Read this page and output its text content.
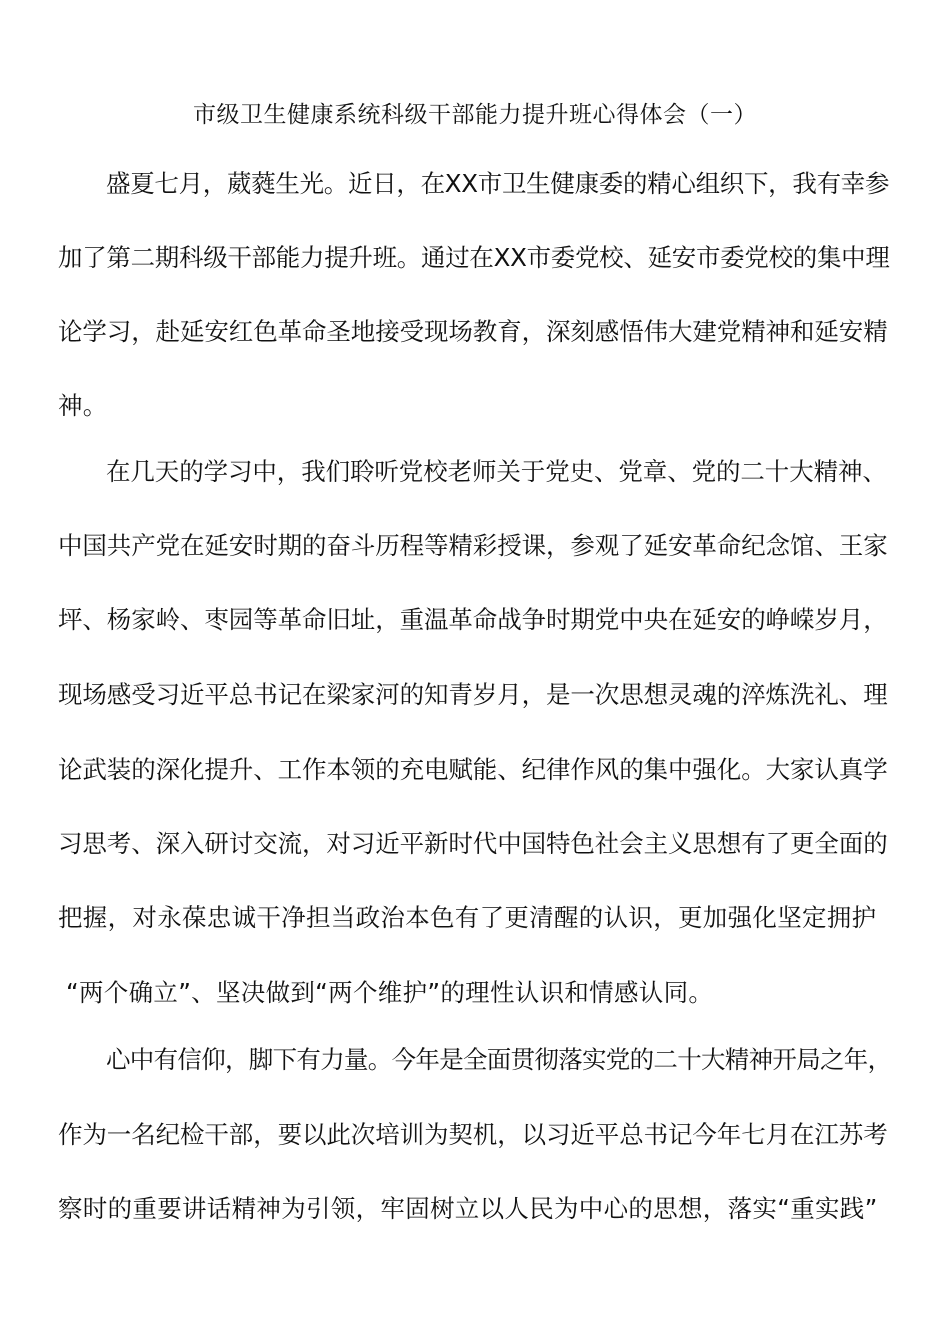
市级卫生健康系统科级干部能力提升班心得体会（一）

盛夏七月，葳蕤生光。近日，在XX市卫生健康委的精心组织下，我有幸参

加了第二期科级干部能力提升班。通过在XX市委党校、延安市委党校的集中理

论学习，赴延安红色革命圣地接受现场教育，深刻感悟伟大建党精神和延安精

神。

在几天的学习中，我们聆听党校老师关于党史、党章、党的二十大精神、

中国共产党在延安时期的奋斗历程等精彩授课，参观了延安革命纪念馆、王家

坪、杨家岭、枣园等革命旧址，重温革命战争时期党中央在延安的峥嵘岁月，

现场感受习近平总书记在梁家河的知青岁月，是一次思想灵魂的淬炼洗礼、理

论武装的深化提升、工作本领的充电赋能、纪律作风的集中强化。大家认真学

习思考、深入研讨交流，对习近平新时代中国特色社会主义思想有了更全面的

把握，对永葆忠诚干净担当政治本色有了更清醒的认识，更加强化坚定拥护

“两个确立”、坚决做到“两个维护”的理性认识和情感认同。

心中有信仰，脚下有力量。今年是全面贯彻落实党的二十大精神开局之年，

作为一名纪检干部，要以此次培训为契机，以习近平总书记今年七月在江苏考

察时的重要讲话精神为引领，牢固树立以人民为中心的思想，落实“重实践”
